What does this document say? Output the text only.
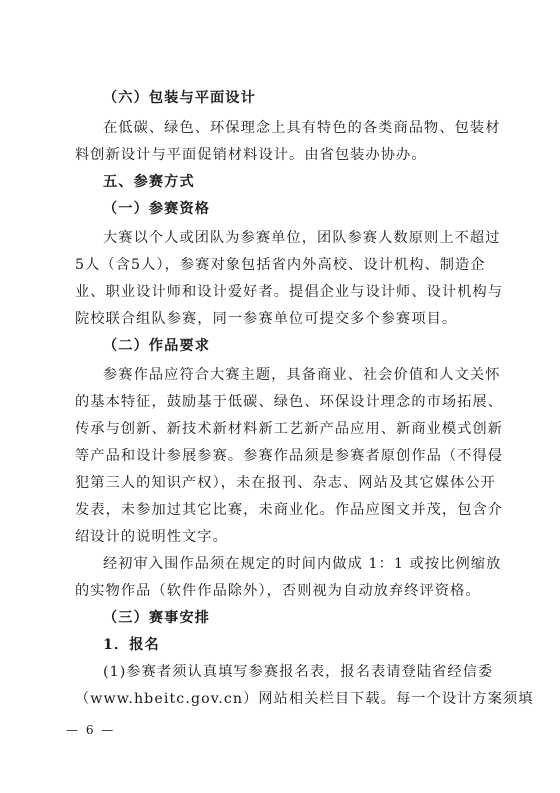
（六）包装与平面设计
在低碳、绿色、环保理念上具有特色的各类商品物、包装材
料创新设计与平面促销材料设计。由省包装办协办。
五、参赛方式
（一）参赛资格
大赛以个人或团队为参赛单位，团队参赛人数原则上不超过
5人（含5人），参赛对象包括省内外高校、设计机构、制造企
业、职业设计师和设计爱好者。提倡企业与设计师、设计机构与
院校联合组队参赛，同一参赛单位可提交多个参赛项目。
（二）作品要求
参赛作品应符合大赛主题，具备商业、社会价值和人文关怀
的基本特征，鼓励基于低碳、绿色、环保设计理念的市场拓展、
传承与创新、新技术新材料新工艺新产品应用、新商业模式创新
等产品和设计参展参赛。参赛作品须是参赛者原创作品（不得侵
犯第三人的知识产权），未在报刊、杂志、网站及其它媒体公开
发表，未参加过其它比赛，未商业化。作品应图文并茂，包含介
绍设计的说明性文字。
经初审入围作品须在规定的时间内做成 1：1 或按比例缩放
的实物作品（软件作品除外），否则视为自动放弃终评资格。
（三）赛事安排
1．报名
(1)参赛者须认真填写参赛报名表，报名表请登陆省经信委
（www.hbeitc.gov.cn）网站相关栏目下载。每一个设计方案须填
— 6 —
